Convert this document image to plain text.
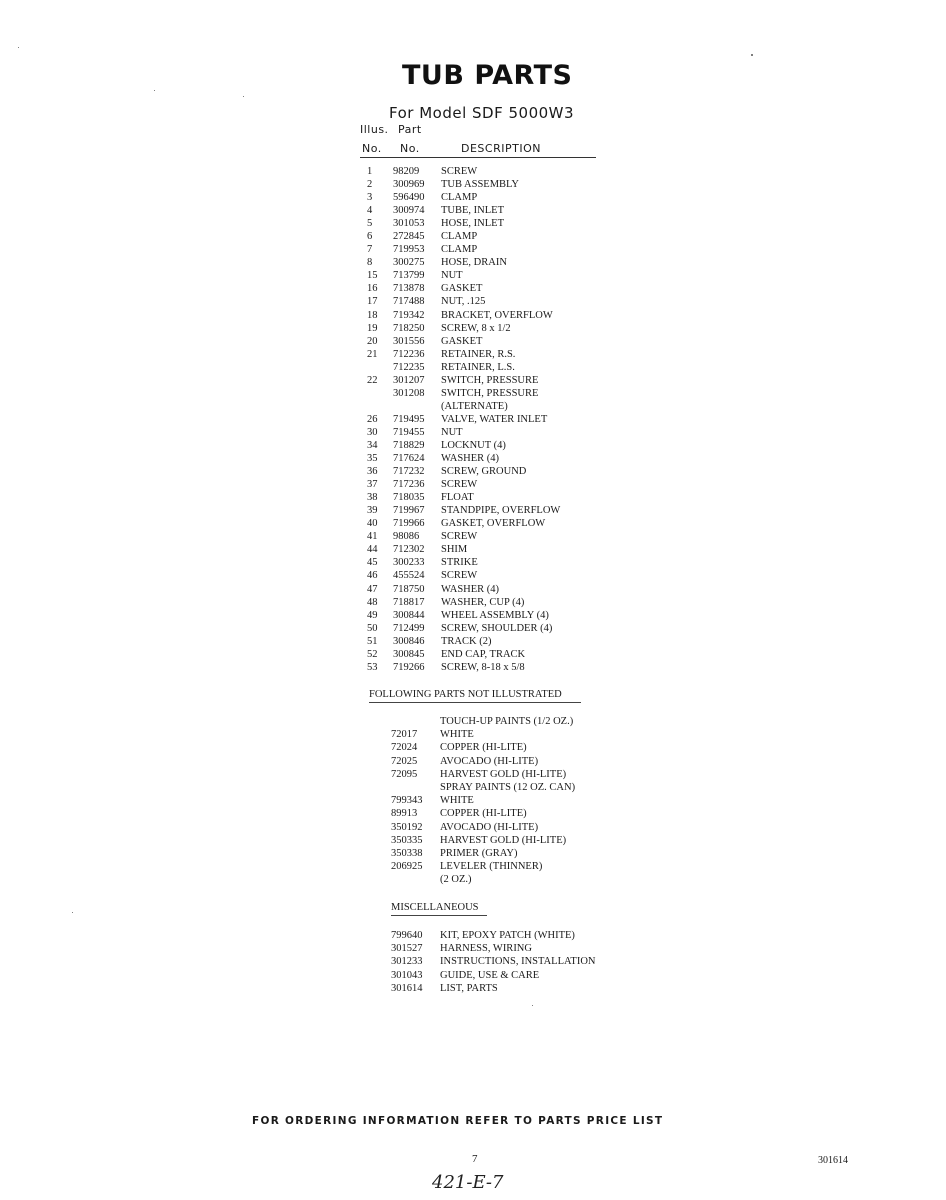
TUB PARTS
For Model SDF 5000W3
Illus. Part
No. No.	DESCRIPTION
1 98209 SCREW
2 300969 TUB ASSEMBLY
3 596490 CLAMP
4 300974 TUBE, INLET
5 301053 HOSE, INLET
6 272845 CLAMP
7 719953 CLAMP
8 300275 HOSE, DRAIN
15 713799 NUT
16 713878 GASKET
17 717488 NUT, .125
18 719342 BRACKET, OVERFLOW
19 718250 SCREW, 8 x 1/2
20 301556 GASKET
21 712236 RETAINER, R.S.
712235 RETAINER, L.S.
22 301207 SWITCH, PRESSURE
301208 SWITCH, PRESSURE
(ALTERNATE)
26 719495 VALVE, WATER INLET
30 719455 NUT
34 718829 LOCKNUT (4)
35 717624 WASHER (4)
36 717232 SCREW, GROUND
37 717236 SCREW
38 718035 FLOAT
39 719967 STANDPIPE, OVERFLOW
40 719966 GASKET, OVERFLOW
41 98086 SCREW
44 712302 SHIM
45 300233 STRIKE
46 455524 SCREW
47 718750 WASHER (4)
48 718817 WASHER, CUP (4)
49 300844 WHEEL ASSEMBLY (4)
50 712499 SCREW, SHOULDER (4)
51 300846 TRACK (2)
52 300845 END CAP, TRACK
53 719266 SCREW, 8-18 x 5/8
FOLLOWING PARTS NOT ILLUSTRATED
TOUCH-UP PAINTS (1/2 OZ.)
72017 WHITE
72024 COPPER (HI-LITE)
72025 AVOCADO (HI-LITE)
72095 HARVEST GOLD (HI-LITE)
SPRAY PAINTS (12 OZ. CAN)
799343 WHITE
89913 COPPER (HI-LITE)
350192 AVOCADO (HI-LITE)
350335 HARVEST GOLD (HI-LITE)
350338 PRIMER (GRAY)
206925 LEVELER (THINNER)
(2 OZ.)
MISCELLANEOUS
799640 KIT, EPOXY PATCH (WHITE)
301527 HARNESS, WIRING
301233 INSTRUCTIONS, INSTALLATION
301043 GUIDE, USE & CARE
301614 LIST, PARTS
FOR ORDERING INFORMATION REFER TO PARTS PRICE LIST
7	301614
421-E-7
